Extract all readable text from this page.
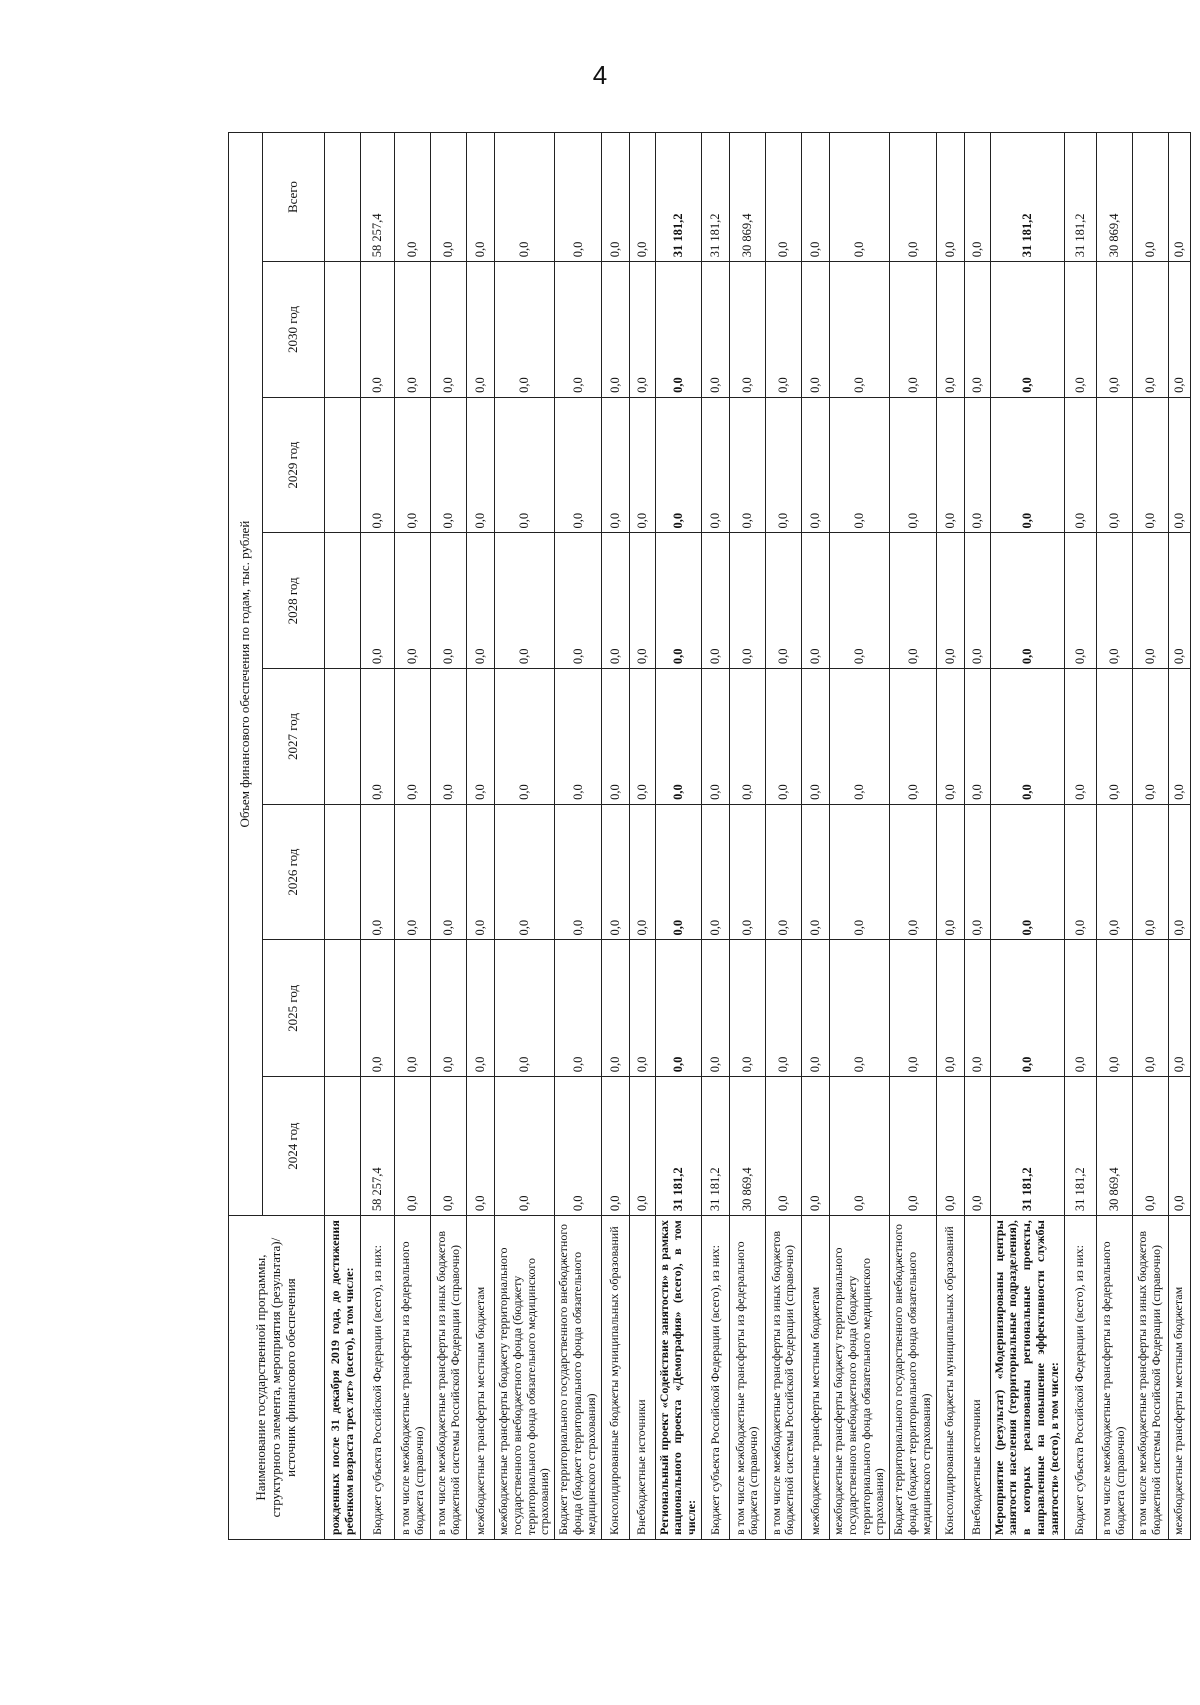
4
Наименование государственной программы, структурного элемента, мероприятия (результата)/источник финансового обеспечения	Объем финансового обеспечения по годам, тыс. рублей							
	2024 год	2025 год	2026 год	2027 год	2028 год	2029 год	2030 год	Всего
рожденных после 31 декабря 2019 года, до достижения ребенком возраста трех лет» (всего), в том числе:								
Бюджет субъекта Российской Федерации (всего), из них:	58 257,4	0,0	0,0	0,0	0,0	0,0	0,0	58 257,4
в том числе межбюджетные трансферты из федерального бюджета (справочно)	0,0	0,0	0,0	0,0	0,0	0,0	0,0	0,0
в том числе межбюджетные трансферты из иных бюджетов бюджетной системы Российской Федерации (справочно)	0,0	0,0	0,0	0,0	0,0	0,0	0,0	0,0
межбюджетные трансферты местным бюджетам	0,0	0,0	0,0	0,0	0,0	0,0	0,0	0,0
межбюджетные трансферты бюджету территориального государственного внебюджетного фонда (бюджету территориального фонда обязательного медицинского страхования)	0,0	0,0	0,0	0,0	0,0	0,0	0,0	0,0
Бюджет территориального государственного внебюджетного фонда (бюджет территориального фонда обязательного медицинского страхования)	0,0	0,0	0,0	0,0	0,0	0,0	0,0	0,0
Консолидированные бюджеты муниципальных образований	0,0	0,0	0,0	0,0	0,0	0,0	0,0	0,0
Внебюджетные источники	0,0	0,0	0,0	0,0	0,0	0,0	0,0	0,0
Региональный проект «Содействие занятости» в рамках национального проекта «Демография» (всего), в том числе:	31 181,2	0,0	0,0	0,0	0,0	0,0	0,0	31 181,2
Бюджет субъекта Российской Федерации (всего), из них:	31 181,2	0,0	0,0	0,0	0,0	0,0	0,0	31 181,2
в том числе межбюджетные трансферты из федерального бюджета (справочно)	30 869,4	0,0	0,0	0,0	0,0	0,0	0,0	30 869,4
в том числе межбюджетные трансферты из иных бюджетов бюджетной системы Российской Федерации (справочно)	0,0	0,0	0,0	0,0	0,0	0,0	0,0	0,0
межбюджетные трансферты местным бюджетам	0,0	0,0	0,0	0,0	0,0	0,0	0,0	0,0
межбюджетные трансферты бюджету территориального государственного внебюджетного фонда (бюджету территориального фонда обязательного медицинского страхования)	0,0	0,0	0,0	0,0	0,0	0,0	0,0	0,0
Бюджет территориального государственного внебюджетного фонда (бюджет территориального фонда обязательного медицинского страхования)	0,0	0,0	0,0	0,0	0,0	0,0	0,0	0,0
Консолидированные бюджеты муниципальных образований	0,0	0,0	0,0	0,0	0,0	0,0	0,0	0,0
Внебюджетные источники	0,0	0,0	0,0	0,0	0,0	0,0	0,0	0,0
Мероприятие (результат) «Модернизированы центры занятости населения (территориальные подразделения), в которых реализованы региональные проекты, направленные на повышение эффективности службы занятости» (всего), в том числе:	31 181,2	0,0	0,0	0,0	0,0	0,0	0,0	31 181,2
Бюджет субъекта Российской Федерации (всего), из них:	31 181,2	0,0	0,0	0,0	0,0	0,0	0,0	31 181,2
в том числе межбюджетные трансферты из федерального бюджета (справочно)	30 869,4	0,0	0,0	0,0	0,0	0,0	0,0	30 869,4
в том числе межбюджетные трансферты из иных бюджетов бюджетной системы Российской Федерации (справочно)	0,0	0,0	0,0	0,0	0,0	0,0	0,0	0,0
межбюджетные трансферты местным бюджетам	0,0	0,0	0,0	0,0	0,0	0,0	0,0	0,0
